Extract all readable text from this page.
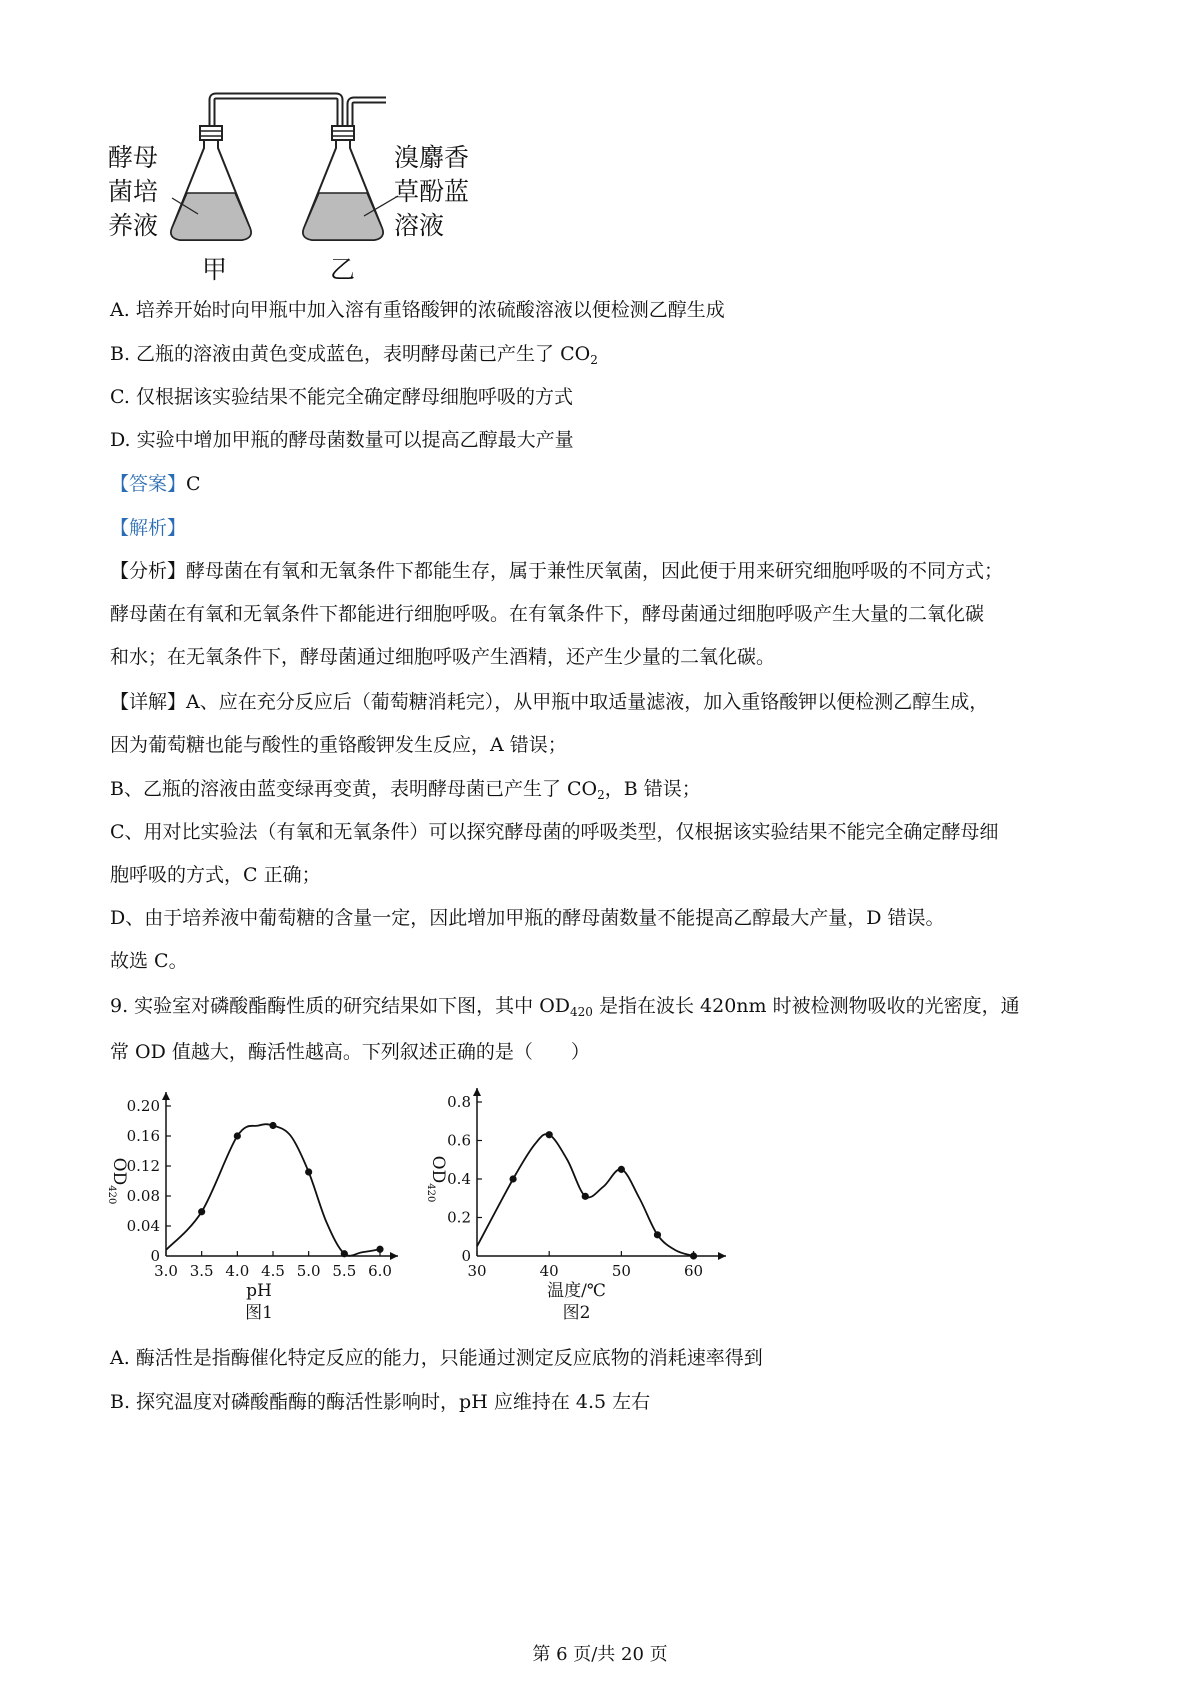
酵母
菌培
养液
溴麝香
草酚蓝
溶液
甲	乙
A. 培养开始时向甲瓶中加入溶有重铬酸钾的浓硫酸溶液以便检测乙醇生成
B. 乙瓶的溶液由黄色变成蓝色，表明酵母菌已产生了 $CO_2$
C. 仅根据该实验结果不能完全确定酵母细胞呼吸的方式
D. 实验中增加甲瓶的酵母菌数量可以提高乙醇最大产量
【答案】C
【解析】
【分析】酵母菌在有氧和无氧条件下都能生存，属于兼性厌氧菌，因此便于用来研究细胞呼吸的不同方式；
酵母菌在有氧和无氧条件下都能进行细胞呼吸。在有氧条件下，酵母菌通过细胞呼吸产生大量的二氧化碳
和水；在无氧条件下，酵母菌通过细胞呼吸产生酒精，还产生少量的二氧化碳。
【详解】A、应在充分反应后（葡萄糖消耗完），从甲瓶中取适量滤液，加入重铬酸钾以便检测乙醇生成，
因为葡萄糖也能与酸性的重铬酸钾发生反应，A 错误；
B、乙瓶的溶液由蓝变绿再变黄，表明酵母菌已产生了 $CO_2$，B 错误；
C、用对比实验法（有氧和无氧条件）可以探究酵母菌的呼吸类型，仅根据该实验结果不能完全确定酵母细
胞呼吸的方式，C 正确；
D、由于培养液中葡萄糖的含量一定，因此增加甲瓶的酵母菌数量不能提高乙醇最大产量，D 错误。
故选 C。
9. 实验室对磷酸酯酶性质的研究结果如下图，其中 $OD_{420}$ 是指在波长 420nm 时被检测物吸收的光密度，通
常 OD 值越大，酶活性越高。下列叙述正确的是（　　）
3.0 3.5 4.0 4.5 5.0 5.5 6.0
0
0.04
0.08
0.12
0.16
0.20
$OD_{420}$
pH
图1
30	40	50	60
0
0.2
0.4
0.6
0.8
$OD_{420}$
温度/℃
图2
A. 酶活性是指酶催化特定反应的能力，只能通过测定反应底物的消耗速率得到
B. 探究温度对磷酸酯酶的酶活性影响时，pH 应维持在 4.5 左右
第 6 页/共 20 页
